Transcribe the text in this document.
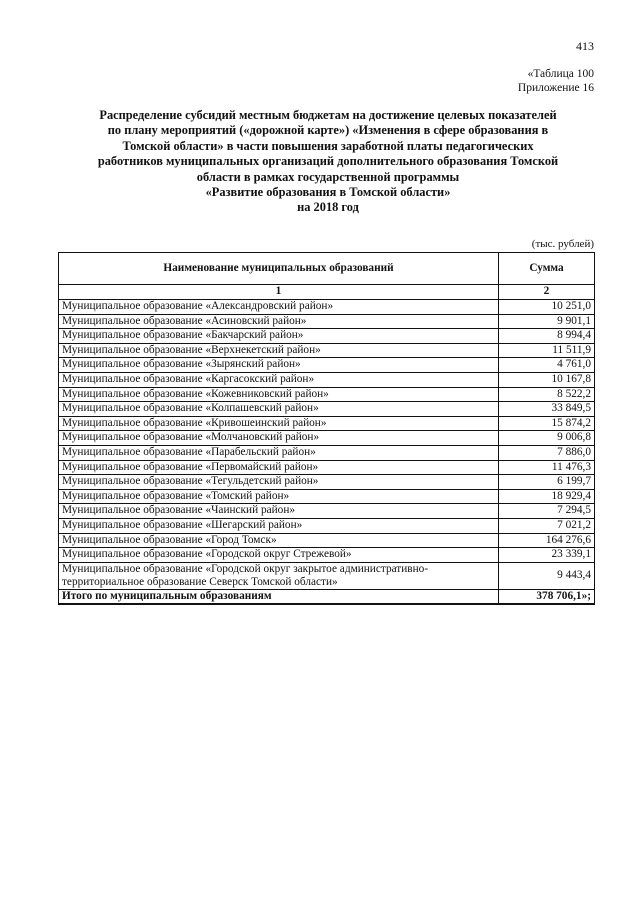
413
«Таблица 100
Приложение 16
Распределение субсидий местным бюджетам на достижение целевых показателей
по плану мероприятий («дорожной карте») «Изменения в сфере образования в
Томской области» в части повышения заработной платы педагогических
работников муниципальных организаций дополнительного образования Томской
области в рамках государственной программы
«Развитие образования в Томской области»
на 2018 год
(тыс. рублей)
Наименование муниципальных образований	Сумма
1	2
Муниципальное образование «Александровский район»	10 251,0
Муниципальное образование «Асиновский район»	9 901,1
Муниципальное образование «Бакчарский район»	8 994,4
Муниципальное образование «Верхнекетский район»	11 511,9
Муниципальное образование «Зырянский район»	4 761,0
Муниципальное образование «Каргасокский район»	10 167,8
Муниципальное образование «Кожевниковский район»	8 522,2
Муниципальное образование «Колпашевский район»	33 849,5
Муниципальное образование «Кривошеинский район»	15 874,2
Муниципальное образование «Молчановский район»	9 006,8
Муниципальное образование «Парабельский район»	7 886,0
Муниципальное образование «Первомайский район»	11 476,3
Муниципальное образование «Тегульдетский район»	6 199,7
Муниципальное образование «Томский район»	18 929,4
Муниципальное образование «Чаинский район»	7 294,5
Муниципальное образование «Шегарский район»	7 021,2
Муниципальное образование «Город Томск»	164 276,6
Муниципальное образование «Городской округ Стрежевой»	23 339,1
Муниципальное образование «Городской округ закрытое административно-территориальное образование Северск Томской области»	9 443,4
Итого по муниципальным образованиям	378 706,1»;
